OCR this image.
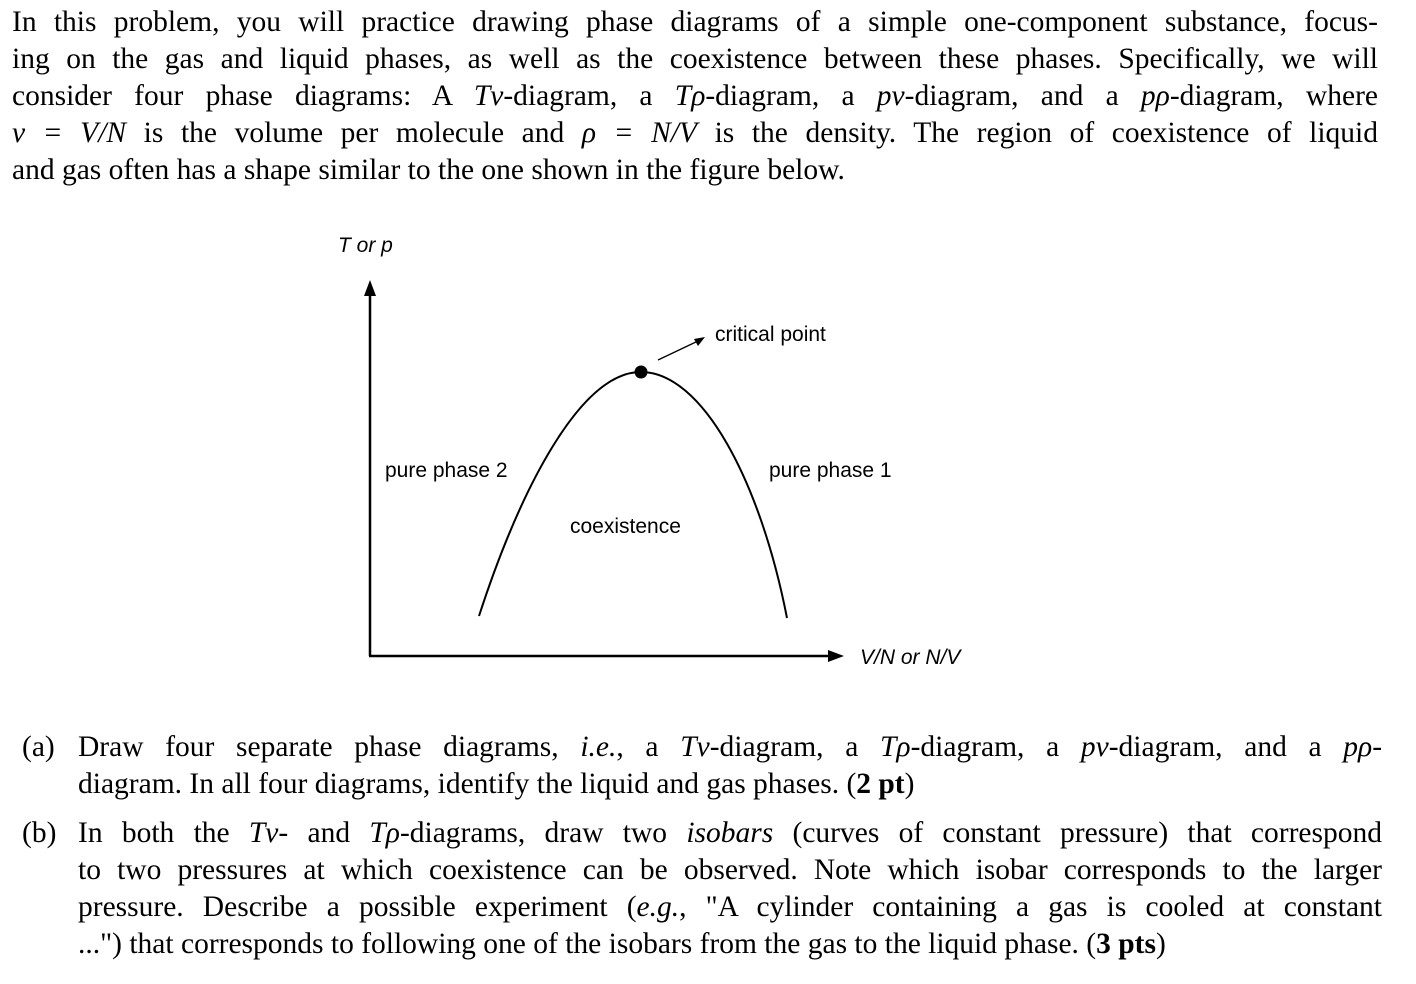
In this problem, you will practice drawing phase diagrams of a simple one-component substance, focus-
ing on the gas and liquid phases, as well as the coexistence between these phases. Specifically, we will
consider four phase diagrams: A Tv-diagram, a Tρ-diagram, a pv-diagram, and a pρ-diagram, where
v = V/N is the volume per molecule and ρ = N/V is the density. The region of coexistence of liquid
and gas often has a shape similar to the one shown in the figure below.
T or p
V/N or N/V
critical point
pure phase 2	pure phase 1
coexistence
(a) Draw four separate phase diagrams, i.e., a Tv-diagram, a Tρ-diagram, a pv-diagram, and a pρ-
diagram. In all four diagrams, identify the liquid and gas phases. (2 pt)
(b) In both the Tv- and Tρ-diagrams, draw two isobars (curves of constant pressure) that correspond
to two pressures at which coexistence can be observed. Note which isobar corresponds to the larger
pressure. Describe a possible experiment (e.g., "A cylinder containing a gas is cooled at constant
...") that corresponds to following one of the isobars from the gas to the liquid phase. (3 pts)
